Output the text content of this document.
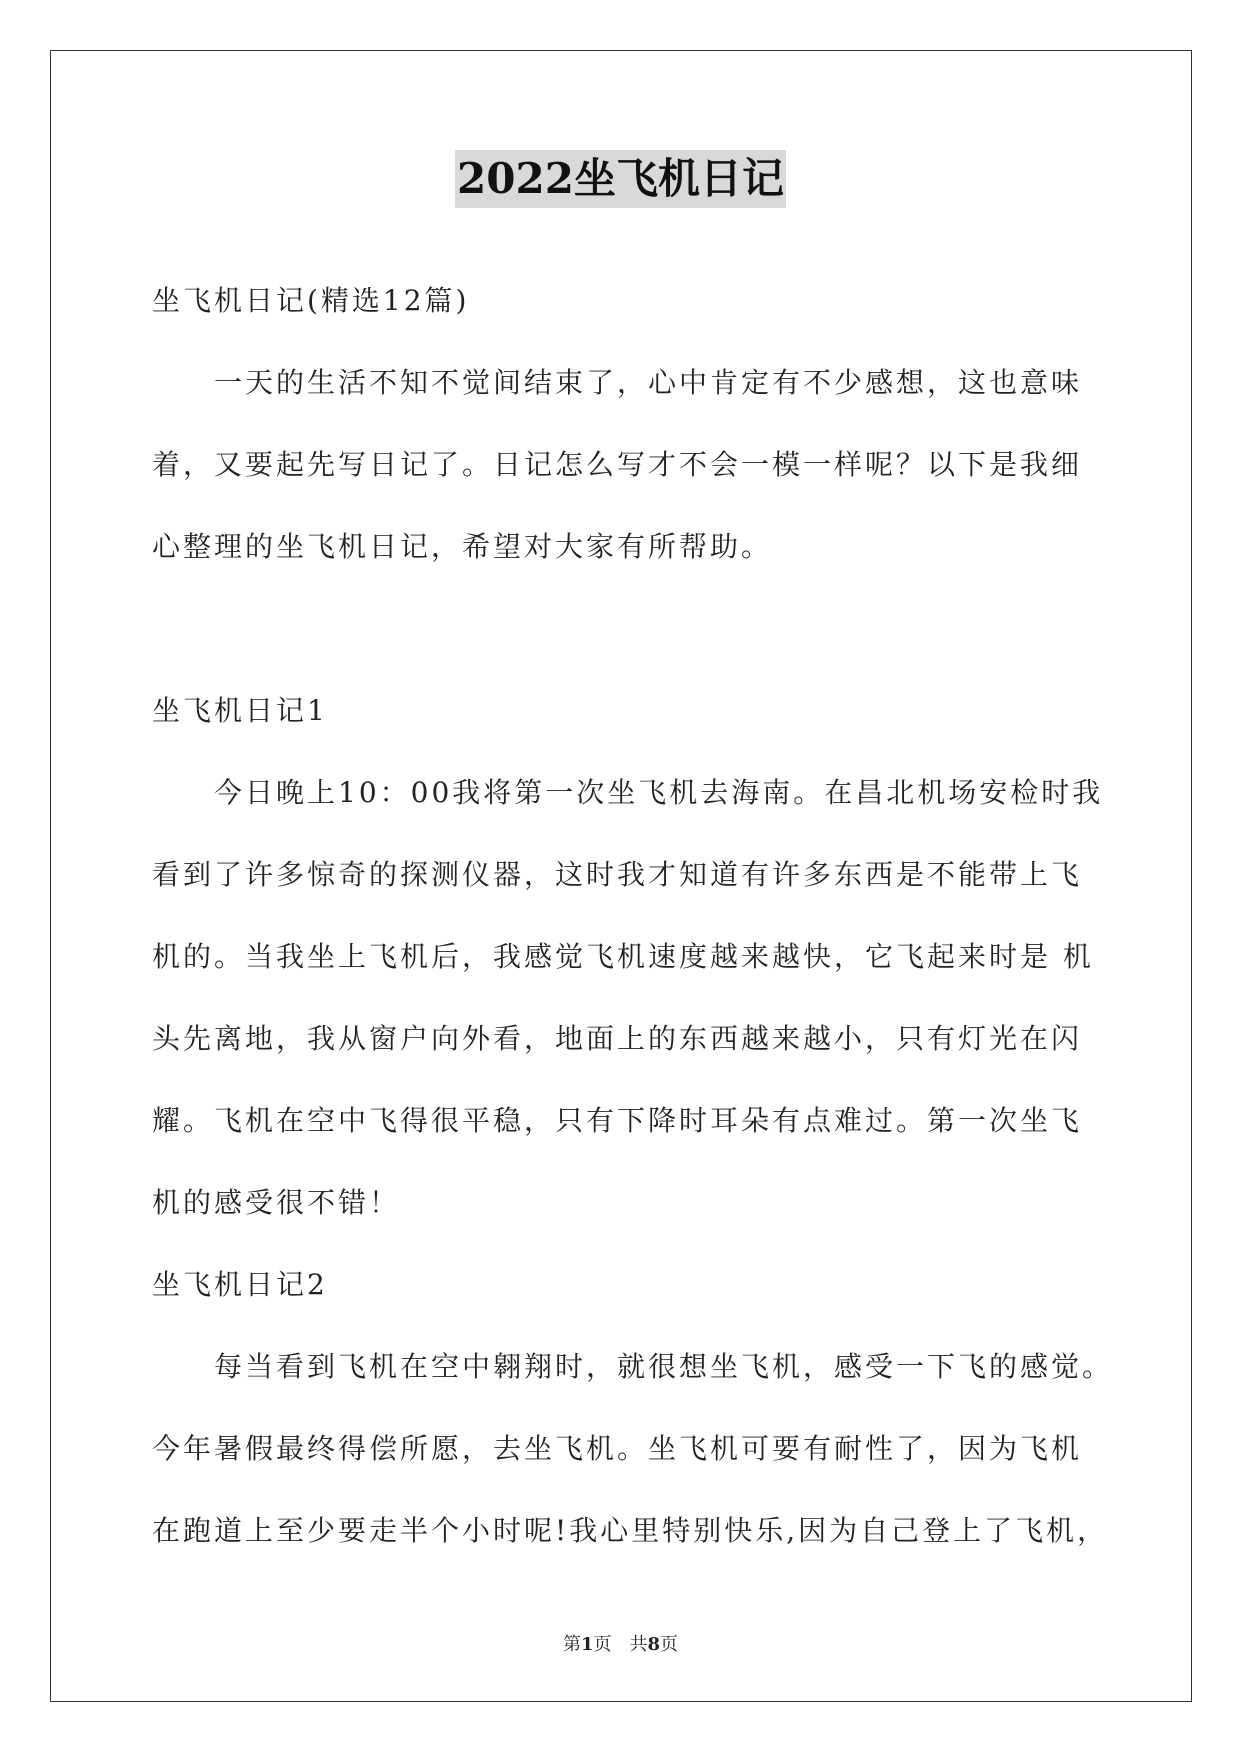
2022坐飞机日记
坐飞机日记(精选12篇)
一天的生活不知不觉间结束了，心中肯定有不少感想，这也意味
着，又要起先写日记了。日记怎么写才不会一模一样呢？以下是我细
心整理的坐飞机日记，希望对大家有所帮助。
坐飞机日记1
今日晚上10：00我将第一次坐飞机去海南。在昌北机场安检时我
看到了许多惊奇的探测仪器，这时我才知道有许多东西是不能带上飞
机的。当我坐上飞机后，我感觉飞机速度越来越快，它飞起来时是 机
头先离地，我从窗户向外看，地面上的东西越来越小，只有灯光在闪
耀。飞机在空中飞得很平稳，只有下降时耳朵有点难过。第一次坐飞
机的感受很不错！
坐飞机日记2
每当看到飞机在空中翱翔时，就很想坐飞机，感受一下飞的感觉。
今年暑假最终得偿所愿，去坐飞机。坐飞机可要有耐性了，因为飞机
在跑道上至少要走半个小时呢!我心里特别快乐,因为自己登上了飞机，
第1页　共8页
